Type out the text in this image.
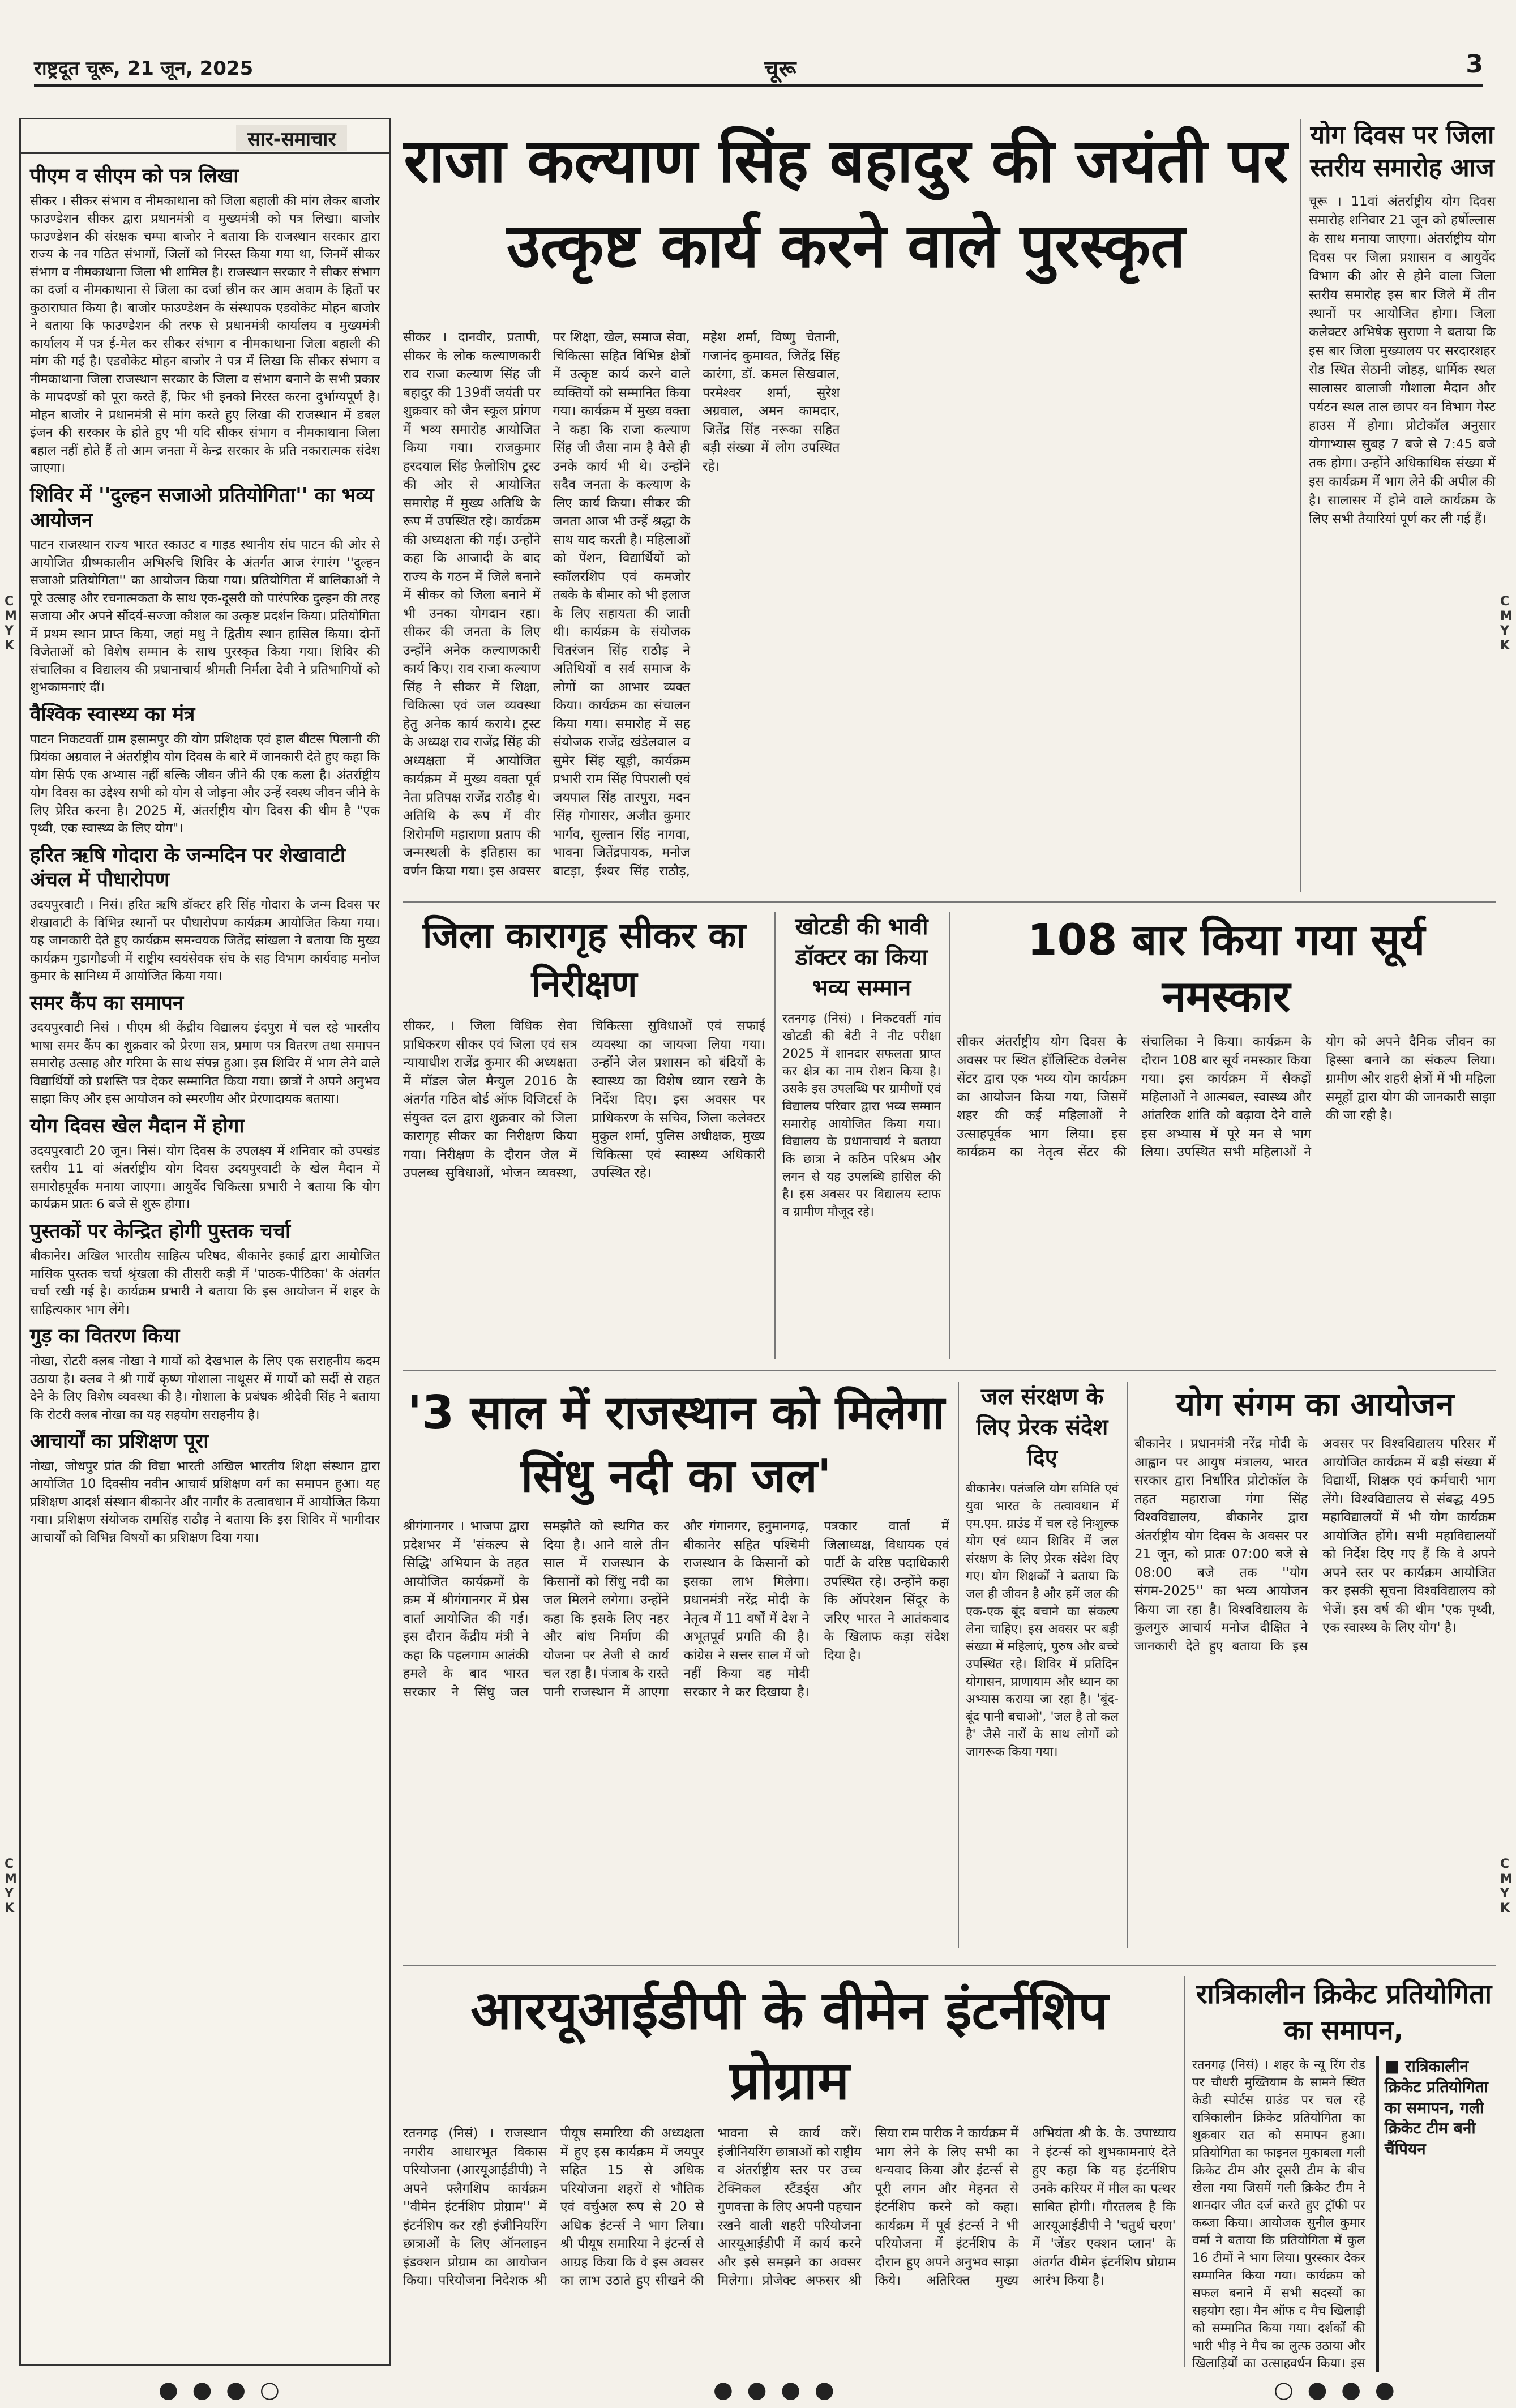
राष्ट्रदूत चूरू, 21 जून, 2025	चूरू	3
C
M
Y
K
C
M
Y
K
C
M
Y
K
C
M
Y
K
● ● ● ○	● ● ● ●	○ ● ● ●
सार-समाचार
पीएम व सीएम को पत्र लिखा

सीकर । सीकर संभाग व नीमकाथाना को जिला बहाली की मांग लेकर बाजोर फाउण्डेशन सीकर द्वारा प्रधानमंत्री व मुख्यमंत्री को पत्र लिखा। बाजोर फाउण्डेशन की संरक्षक चम्पा बाजोर ने बताया कि राजस्थान सरकार द्वारा राज्य के नव गठित संभागों, जिलों को निरस्त किया गया था, जिनमें सीकर संभाग व नीमकाथाना जिला भी शामिल है। राजस्थान सरकार ने सीकर संभाग का दर्जा व नीमकाथाना से जिला का दर्जा छीन कर आम अवाम के हितों पर कुठाराघात किया है। बाजोर फाउण्डेशन के संस्थापक एडवोकेट मोहन बाजोर ने बताया कि फाउण्डेशन की तरफ से प्रधानमंत्री कार्यालय व मुख्यमंत्री कार्यालय में पत्र ई-मेल कर सीकर संभाग व नीमकाथाना जिला बहाली की मांग की गई है। एडवोकेट मोहन बाजोर ने पत्र में लिखा कि सीकर संभाग व नीमकाथाना जिला राजस्थान सरकार के जिला व संभाग बनाने के सभी प्रकार के मापदण्डों को पूरा करते हैं, फिर भी इनको निरस्त करना दुर्भाग्यपूर्ण है। मोहन बाजोर ने प्रधानमंत्री से मांग करते हुए लिखा की राजस्थान में डबल इंजन की सरकार के होते हुए भी यदि सीकर संभाग व नीमकाथाना जिला बहाल नहीं होते हैं तो आम जनता में केन्द्र सरकार के प्रति नकारात्मक संदेश जाएगा।

शिविर में ''दुल्हन सजाओ प्रतियोगिता'' का भव्य आयोजन

पाटन राजस्थान राज्य भारत स्काउट व गाइड स्थानीय संघ पाटन की ओर से आयोजित ग्रीष्मकालीन अभिरुचि शिविर के अंतर्गत आज रंगारंग ''दुल्हन सजाओ प्रतियोगिता'' का आयोजन किया गया। प्रतियोगिता में बालिकाओं ने पूरे उत्साह और रचनात्मकता के साथ एक-दूसरी को पारंपरिक दुल्हन की तरह सजाया और अपने सौंदर्य-सज्जा कौशल का उत्कृष्ट प्रदर्शन किया। प्रतियोगिता में प्रथम स्थान प्राप्त किया, जहां मधु ने द्वितीय स्थान हासिल किया। दोनों विजेताओं को विशेष सम्मान के साथ पुरस्कृत किया गया। शिविर की संचालिका व विद्यालय की प्रधानाचार्य श्रीमती निर्मला देवी ने प्रतिभागियों को शुभकामनाएं दीं।

वैश्विक स्वास्थ्य का मंत्र

पाटन निकटवर्ती ग्राम हसामपुर की योग प्रशिक्षक एवं हाल बीटस पिलानी की प्रियंका अग्रवाल ने अंतर्राष्ट्रीय योग दिवस के बारे में जानकारी देते हुए कहा कि योग सिर्फ एक अभ्यास नहीं बल्कि जीवन जीने की एक कला है। अंतर्राष्ट्रीय योग दिवस का उद्देश्य सभी को योग से जोड़ना और उन्हें स्वस्थ जीवन जीने के लिए प्रेरित करना है। 2025 में, अंतर्राष्ट्रीय योग दिवस की थीम है "एक पृथ्वी, एक स्वास्थ्य के लिए योग"।

हरित ऋषि गोदारा के जन्मदिन पर शेखावाटी अंचल में पौधारोपण

उदयपुरवाटी । निसं। हरित ऋषि डॉक्टर हरि सिंह गोदारा के जन्म दिवस पर शेखावाटी के विभिन्न स्थानों पर पौधारोपण कार्यक्रम आयोजित किया गया। यह जानकारी देते हुए कार्यक्रम समन्वयक जितेंद्र सांखला ने बताया कि मुख्य कार्यक्रम गुडागौडजी में राष्ट्रीय स्वयंसेवक संघ के सह विभाग कार्यवाह मनोज कुमार के सानिध्य में आयोजित किया गया।

समर कैंप का समापन

उदयपुरवाटी निसं । पीएम श्री केंद्रीय विद्यालय इंदपुरा में चल रहे भारतीय भाषा समर कैंप का शुक्रवार को प्रेरणा सत्र, प्रमाण पत्र वितरण तथा समापन समारोह उत्साह और गरिमा के साथ संपन्न हुआ। इस शिविर में भाग लेने वाले विद्यार्थियों को प्रशस्ति पत्र देकर सम्मानित किया गया। छात्रों ने अपने अनुभव साझा किए और इस आयोजन को स्मरणीय और प्रेरणादायक बताया।

योग दिवस खेल मैदान में होगा

उदयपुरवाटी 20 जून। निसं। योग दिवस के उपलक्ष्य में शनिवार को उपखंड स्तरीय 11 वां अंतर्राष्ट्रीय योग दिवस उदयपुरवाटी के खेल मैदान में समारोहपूर्वक मनाया जाएगा। आयुर्वेद चिकित्सा प्रभारी ने बताया कि योग कार्यक्रम प्रातः 6 बजे से शुरू होगा।

पुस्तकों पर केन्द्रित होगी पुस्तक चर्चा

बीकानेर। अखिल भारतीय साहित्य परिषद, बीकानेर इकाई द्वारा आयोजित मासिक पुस्तक चर्चा श्रृंखला की तीसरी कड़ी में 'पाठक-पीठिका' के अंतर्गत चर्चा रखी गई है। कार्यक्रम प्रभारी ने बताया कि इस आयोजन में शहर के साहित्यकार भाग लेंगे।

गुड़ का वितरण किया

नोखा, रोटरी क्लब नोखा ने गायों को देखभाल के लिए एक सराहनीय कदम उठाया है। क्लब ने श्री गायें कृष्ण गोशाला नाथूसर में गायों को सर्दी से राहत देने के लिए विशेष व्यवस्था की है। गोशाला के प्रबंधक श्रीदेवी सिंह ने बताया कि रोटरी क्लब नोखा का यह सहयोग सराहनीय है।

आचार्यों का प्रशिक्षण पूरा

नोखा, जोधपुर प्रांत की विद्या भारती अखिल भारतीय शिक्षा संस्थान द्वारा आयोजित 10 दिवसीय नवीन आचार्य प्रशिक्षण वर्ग का समापन हुआ। यह प्रशिक्षण आदर्श संस्थान बीकानेर और नागौर के तत्वावधान में आयोजित किया गया। प्रशिक्षण संयोजक रामसिंह राठौड़ ने बताया कि इस शिविर में भागीदार आचार्यों को विभिन्न विषयों का प्रशिक्षण दिया गया।

राजा कल्याण सिंह बहादुर की जयंती पर उत्कृष्ट कार्य करने वाले पुरस्कृत

सीकर । दानवीर, प्रतापी, सीकर के लोक कल्याणकारी राव राजा कल्याण सिंह जी बहादुर की 139वीं जयंती पर शुक्रवार को जैन स्कूल प्रांगण में भव्य समारोह आयोजित किया गया। राजकुमार हरदयाल सिंह फ़ैलोशिप ट्रस्ट की ओर से आयोजित समारोह में मुख्य अतिथि के रूप में उपस्थित रहे। कार्यक्रम की अध्यक्षता की गई। उन्होंने कहा कि आजादी के बाद राज्य के गठन में जिले बनाने में सीकर को जिला बनाने में भी उनका योगदान रहा। सीकर की जनता के लिए उन्होंने अनेक कल्याणकारी कार्य किए। राव राजा कल्याण सिंह ने सीकर में शिक्षा, चिकित्सा एवं जल व्यवस्था हेतु अनेक कार्य कराये। ट्रस्ट के अध्यक्ष राव राजेंद्र सिंह की अध्यक्षता में आयोजित कार्यक्रम में मुख्य वक्ता पूर्व नेता प्रतिपक्ष राजेंद्र राठौड़ थे। अतिथि के रूप में वीर शिरोमणि महाराणा प्रताप की जन्मस्थली के इतिहास का वर्णन किया गया। इस अवसर पर शिक्षा, खेल, समाज सेवा, चिकित्सा सहित विभिन्न क्षेत्रों में उत्कृष्ट कार्य करने वाले व्यक्तियों को सम्मानित किया गया। कार्यक्रम में मुख्य वक्ता ने कहा कि राजा कल्याण सिंह जी जैसा नाम है वैसे ही उनके कार्य भी थे। उन्होंने सदैव जनता के कल्याण के लिए कार्य किया। सीकर की जनता आज भी उन्हें श्रद्धा के साथ याद करती है। महिलाओं को पेंशन, विद्यार्थियों को स्कॉलरशिप एवं कमजोर तबके के बीमार को भी इलाज के लिए सहायता की जाती थी। कार्यक्रम के संयोजक चितरंजन सिंह राठौड़ ने अतिथियों व सर्व समाज के लोगों का आभार व्यक्त किया। कार्यक्रम का संचालन किया गया। समारोह में सह संयोजक राजेंद्र खंडेलवाल व सुमेर सिंह खूड़ी, कार्यक्रम प्रभारी राम सिंह पिपराली एवं जयपाल सिंह तारपुरा, मदन सिंह गोगासर, अजीत कुमार भार्गव, सुल्तान सिंह नागवा, भावना जितेंद्रपायक, मनोज बाटड़ा, ईश्वर सिंह राठौड़, महेश शर्मा, विष्णु चेतानी, गजानंद कुमावत, जितेंद्र सिंह कारंगा, डॉ. कमल सिखवाल, परमेश्वर शर्मा, सुरेश अग्रवाल, अमन कामदार, जितेंद्र सिंह नरूका सहित बड़ी संख्या में लोग उपस्थित रहे।

योग दिवस पर जिला स्तरीय समारोह आज

चूरू । 11वां अंतर्राष्ट्रीय योग दिवस समारोह शनिवार 21 जून को हर्षोल्लास के साथ मनाया जाएगा। अंतर्राष्ट्रीय योग दिवस पर जिला प्रशासन व आयुर्वेद विभाग की ओर से होने वाला जिला स्तरीय समारोह इस बार जिले में तीन स्थानों पर आयोजित होगा। जिला कलेक्टर अभिषेक सुराणा ने बताया कि इस बार जिला मुख्यालय पर सरदारशहर रोड स्थित सेठानी जोहड़, धार्मिक स्थल सालासर बालाजी गौशाला मैदान और पर्यटन स्थल ताल छापर वन विभाग गेस्ट हाउस में होगा। प्रोटोकॉल अनुसार योगाभ्यास सुबह 7 बजे से 7:45 बजे तक होगा। उन्होंने अधिकाधिक संख्या में इस कार्यक्रम में भाग लेने की अपील की है। सालासर में होने वाले कार्यक्रम के लिए सभी तैयारियां पूर्ण कर ली गई हैं।

जिला कारागृह सीकर का निरीक्षण

सीकर, । जिला विधिक सेवा प्राधिकरण सीकर एवं जिला एवं सत्र न्यायाधीश राजेंद्र कुमार की अध्यक्षता में मॉडल जेल मैन्युल 2016 के अंतर्गत गठित बोर्ड ऑफ विजिटर्स के संयुक्त दल द्वारा शुक्रवार को जिला कारागृह सीकर का निरीक्षण किया गया। निरीक्षण के दौरान जेल में उपलब्ध सुविधाओं, भोजन व्यवस्था, चिकित्सा सुविधाओं एवं सफाई व्यवस्था का जायजा लिया गया। उन्होंने जेल प्रशासन को बंदियों के स्वास्थ्य का विशेष ध्यान रखने के निर्देश दिए। इस अवसर पर प्राधिकरण के सचिव, जिला कलेक्टर मुकुल शर्मा, पुलिस अधीक्षक, मुख्य चिकित्सा एवं स्वास्थ्य अधिकारी उपस्थित रहे।

खोटडी की भावी डॉक्टर का किया भव्य सम्मान

रतनगढ़ (निसं) । निकटवर्ती गांव खोटडी की बेटी ने नीट परीक्षा 2025 में शानदार सफलता प्राप्त कर क्षेत्र का नाम रोशन किया है। उसके इस उपलब्धि पर ग्रामीणों एवं विद्यालय परिवार द्वारा भव्य सम्मान समारोह आयोजित किया गया। विद्यालय के प्रधानाचार्य ने बताया कि छात्रा ने कठिन परिश्रम और लगन से यह उपलब्धि हासिल की है। इस अवसर पर विद्यालय स्टाफ व ग्रामीण मौजूद रहे।

108 बार किया गया सूर्य नमस्कार

सीकर अंतर्राष्ट्रीय योग दिवस के अवसर पर स्थित हॉलिस्टिक वेलनेस सेंटर द्वारा एक भव्य योग कार्यक्रम का आयोजन किया गया, जिसमें शहर की कई महिलाओं ने उत्साहपूर्वक भाग लिया। इस कार्यक्रम का नेतृत्व सेंटर की संचालिका ने किया। कार्यक्रम के दौरान 108 बार सूर्य नमस्कार किया गया। इस कार्यक्रम में सैकड़ों महिलाओं ने आत्मबल, स्वास्थ्य और आंतरिक शांति को बढ़ावा देने वाले इस अभ्यास में पूरे मन से भाग लिया। उपस्थित सभी महिलाओं ने योग को अपने दैनिक जीवन का हिस्सा बनाने का संकल्प लिया। ग्रामीण और शहरी क्षेत्रों में भी महिला समूहों द्वारा योग की जानकारी साझा की जा रही है।

'3 साल में राजस्थान को मिलेगा सिंधु नदी का जल'

श्रीगंगानगर । भाजपा द्वारा प्रदेशभर में 'संकल्प से सिद्धि' अभियान के तहत आयोजित कार्यक्रमों के क्रम में श्रीगंगानगर में प्रेस वार्ता आयोजित की गई। इस दौरान केंद्रीय मंत्री ने कहा कि पहलगाम आतंकी हमले के बाद भारत सरकार ने सिंधु जल समझौते को स्थगित कर दिया है। आने वाले तीन साल में राजस्थान के किसानों को सिंधु नदी का जल मिलने लगेगा। उन्होंने कहा कि इसके लिए नहर और बांध निर्माण की योजना पर तेजी से कार्य चल रहा है। पंजाब के रास्ते पानी राजस्थान में आएगा और गंगानगर, हनुमानगढ़, बीकानेर सहित पश्चिमी राजस्थान के किसानों को इसका लाभ मिलेगा। प्रधानमंत्री नरेंद्र मोदी के नेतृत्व में 11 वर्षों में देश ने अभूतपूर्व प्रगति की है। कांग्रेस ने सत्तर साल में जो नहीं किया वह मोदी सरकार ने कर दिखाया है। पत्रकार वार्ता में जिलाध्यक्ष, विधायक एवं पार्टी के वरिष्ठ पदाधिकारी उपस्थित रहे। उन्होंने कहा कि ऑपरेशन सिंदूर के जरिए भारत ने आतंकवाद के खिलाफ कड़ा संदेश दिया है।

जल संरक्षण के लिए प्रेरक संदेश दिए

बीकानेर। पतंजलि योग समिति एवं युवा भारत के तत्वावधान में एम.एम. ग्राउंड में चल रहे निःशुल्क योग एवं ध्यान शिविर में जल संरक्षण के लिए प्रेरक संदेश दिए गए। योग शिक्षकों ने बताया कि जल ही जीवन है और हमें जल की एक-एक बूंद बचाने का संकल्प लेना चाहिए। इस अवसर पर बड़ी संख्या में महिलाएं, पुरुष और बच्चे उपस्थित रहे। शिविर में प्रतिदिन योगासन, प्राणायाम और ध्यान का अभ्यास कराया जा रहा है। 'बूंद-बूंद पानी बचाओ', 'जल है तो कल है' जैसे नारों के साथ लोगों को जागरूक किया गया।

योग संगम का आयोजन

बीकानेर । प्रधानमंत्री नरेंद्र मोदी के आह्वान पर आयुष मंत्रालय, भारत सरकार द्वारा निर्धारित प्रोटोकॉल के तहत महाराजा गंगा सिंह विश्वविद्यालय, बीकानेर द्वारा अंतर्राष्ट्रीय योग दिवस के अवसर पर 21 जून, को प्रातः 07:00 बजे से 08:00 बजे तक ''योग संगम-2025'' का भव्य आयोजन किया जा रहा है। विश्वविद्यालय के कुलगुरु आचार्य मनोज दीक्षित ने जानकारी देते हुए बताया कि इस अवसर पर विश्वविद्यालय परिसर में आयोजित कार्यक्रम में बड़ी संख्या में विद्यार्थी, शिक्षक एवं कर्मचारी भाग लेंगे। विश्वविद्यालय से संबद्ध 495 महाविद्यालयों में भी योग कार्यक्रम आयोजित होंगे। सभी महाविद्यालयों को निर्देश दिए गए हैं कि वे अपने अपने स्तर पर कार्यक्रम आयोजित कर इसकी सूचना विश्वविद्यालय को भेजें। इस वर्ष की थीम 'एक पृथ्वी, एक स्वास्थ्य के लिए योग' है।

आरयूआईडीपी के वीमेन इंटर्नशिप प्रोग्राम

रतनगढ़ (निसं) । राजस्थान नगरीय आधारभूत विकास परियोजना (आरयूआईडीपी) ने अपने फ्लैगशिप कार्यक्रम ''वीमेन इंटर्नशिप प्रोग्राम'' में इंटर्नशिप कर रही इंजीनियरिंग छात्राओं के लिए ऑनलाइन इंडक्शन प्रोग्राम का आयोजन किया। परियोजना निदेशक श्री पीयूष समारिया की अध्यक्षता में हुए इस कार्यक्रम में जयपुर सहित 15 से अधिक परियोजना शहरों से भौतिक एवं वर्चुअल रूप से 20 से अधिक इंटर्न्स ने भाग लिया। श्री पीयूष समारिया ने इंटर्न्स से आग्रह किया कि वे इस अवसर का लाभ उठाते हुए सीखने की भावना से कार्य करें। इंजीनियरिंग छात्राओं को राष्ट्रीय व अंतर्राष्ट्रीय स्तर पर उच्च टेक्निकल स्टैंडर्ड्स और गुणवत्ता के लिए अपनी पहचान रखने वाली शहरी परियोजना आरयूआईडीपी में कार्य करने और इसे समझने का अवसर मिलेगा। प्रोजेक्ट अफसर श्री सिया राम पारीक ने कार्यक्रम में भाग लेने के लिए सभी का धन्यवाद किया और इंटर्न्स से पूरी लगन और मेहनत से इंटर्नशिप करने को कहा। कार्यक्रम में पूर्व इंटर्न्स ने भी परियोजना में इंटर्नशिप के दौरान हुए अपने अनुभव साझा किये। अतिरिक्त मुख्य अभियंता श्री के. के. उपाध्याय ने इंटर्न्स को शुभकामनाएं देते हुए कहा कि यह इंटर्नशिप उनके करियर में मील का पत्थर साबित होगी। गौरतलब है कि आरयूआईडीपी ने 'चतुर्थ चरण' में 'जेंडर एक्शन प्लान' के अंतर्गत वीमेन इंटर्नशिप प्रोग्राम आरंभ किया है।

रात्रिकालीन क्रिकेट प्रतियोगिता का समापन,

रतनगढ़ (निसं) । शहर के न्यू रिंग रोड पर चौधरी मुख्तियाम के सामने स्थित केडी स्पोर्टस ग्राउंड पर चल रहे रात्रिकालीन क्रिकेट प्रतियोगिता का शुक्रवार रात को समापन हुआ। प्रतियोगिता का फाइनल मुकाबला गली क्रिकेट टीम और दूसरी टीम के बीच खेला गया जिसमें गली क्रिकेट टीम ने शानदार जीत दर्ज करते हुए ट्रॉफी पर कब्जा किया। आयोजक सुनील कुमार वर्मा ने बताया कि प्रतियोगिता में कुल 16 टीमों ने भाग लिया। पुरस्कार देकर सम्मानित किया गया। कार्यक्रम को सफल बनाने में सभी सदस्यों का सहयोग रहा। मैन ऑफ द मैच खिलाड़ी को सम्मानित किया गया। दर्शकों की भारी भीड़ ने मैच का लुत्फ उठाया और खिलाड़ियों का उत्साहवर्धन किया। इस

■ रात्रिकालीन क्रिकेट प्रतियोगिता का समापन, गली क्रिकेट टीम बनी चैंपियन
